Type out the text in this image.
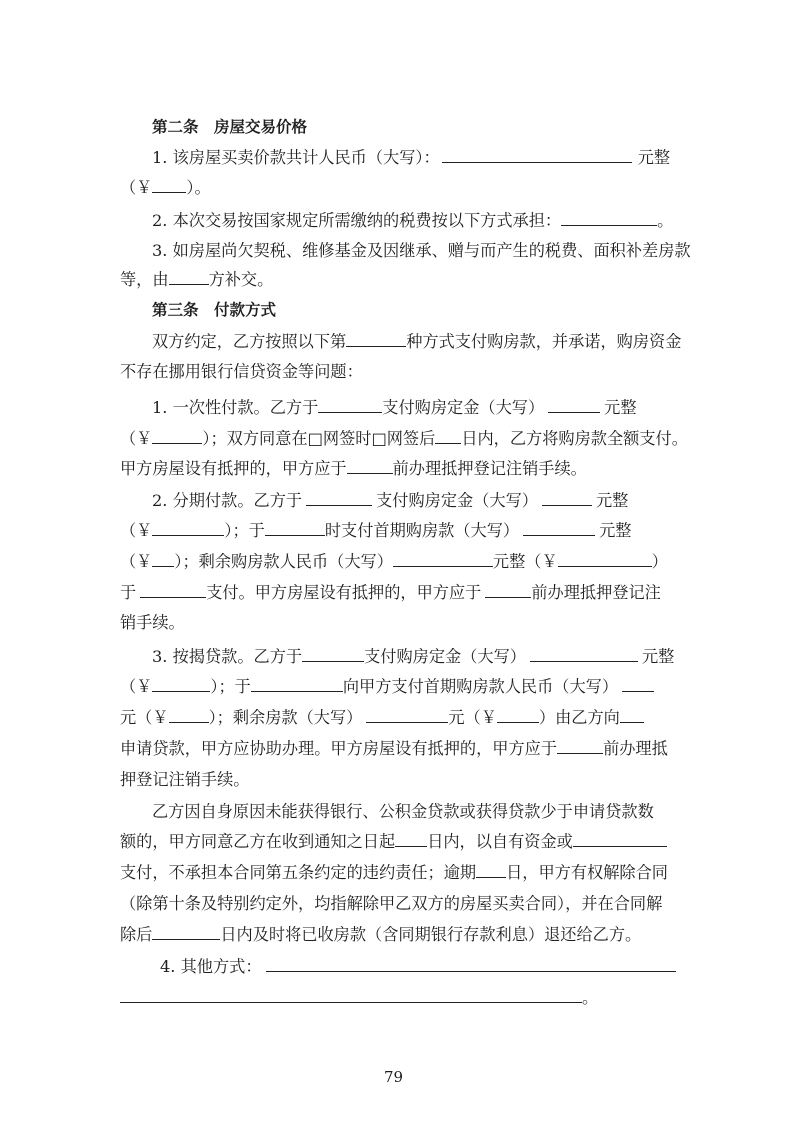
第二条　房屋交易价格
1. 该房屋买卖价款共计人民币（大写）：	元整
（￥ ）。
2. 本次交易按国家规定所需缴纳的税费按以下方式承担：	。
3. 如房屋尚欠契税、维修基金及因继承、赠与而产生的税费、面积补差房款
等，由 方补交。
第三条　付款方式
双方约定，乙方按照以下第	种方式支付购房款，并承诺，购房资金
不存在挪用银行信贷资金等问题：
1. 一次性付款。乙方于	支付购房定金（大写）	元整
（￥	）；双方同意在□网签时□网签后 日内，乙方将购房款全额支付。
甲方房屋设有抵押的，甲方应于	前办理抵押登记注销手续。
2. 分期付款。乙方于	支付购房定金（大写）	元整
（￥	）；于	时支付首期购房款（大写）	元整
（￥ ）；剩余购房款人民币（大写）	元整（￥	）
于	支付。甲方房屋设有抵押的，甲方应于	前办理抵押登记注
销手续。
3. 按揭贷款。乙方于	支付购房定金（大写）	元整
（￥	）；于	向甲方支付首期购房款人民币（大写）
元（￥ ）；剩余房款（大写）	元（￥	）由乙方向
申请贷款，甲方应协助办理。甲方房屋设有抵押的，甲方应于	前办理抵
押登记注销手续。
乙方因自身原因未能获得银行、公积金贷款或获得贷款少于申请贷款数
额的，甲方同意乙方在收到通知之日起 日内，以自有资金或
支付，不承担本合同第五条约定的违约责任；逾期 日，甲方有权解除合同
（除第十条及特别约定外，均指解除甲乙双方的房屋买卖合同），并在合同解
除后	日内及时将已收房款（含同期银行存款利息）退还给乙方。
4. 其他方式：
。
79
